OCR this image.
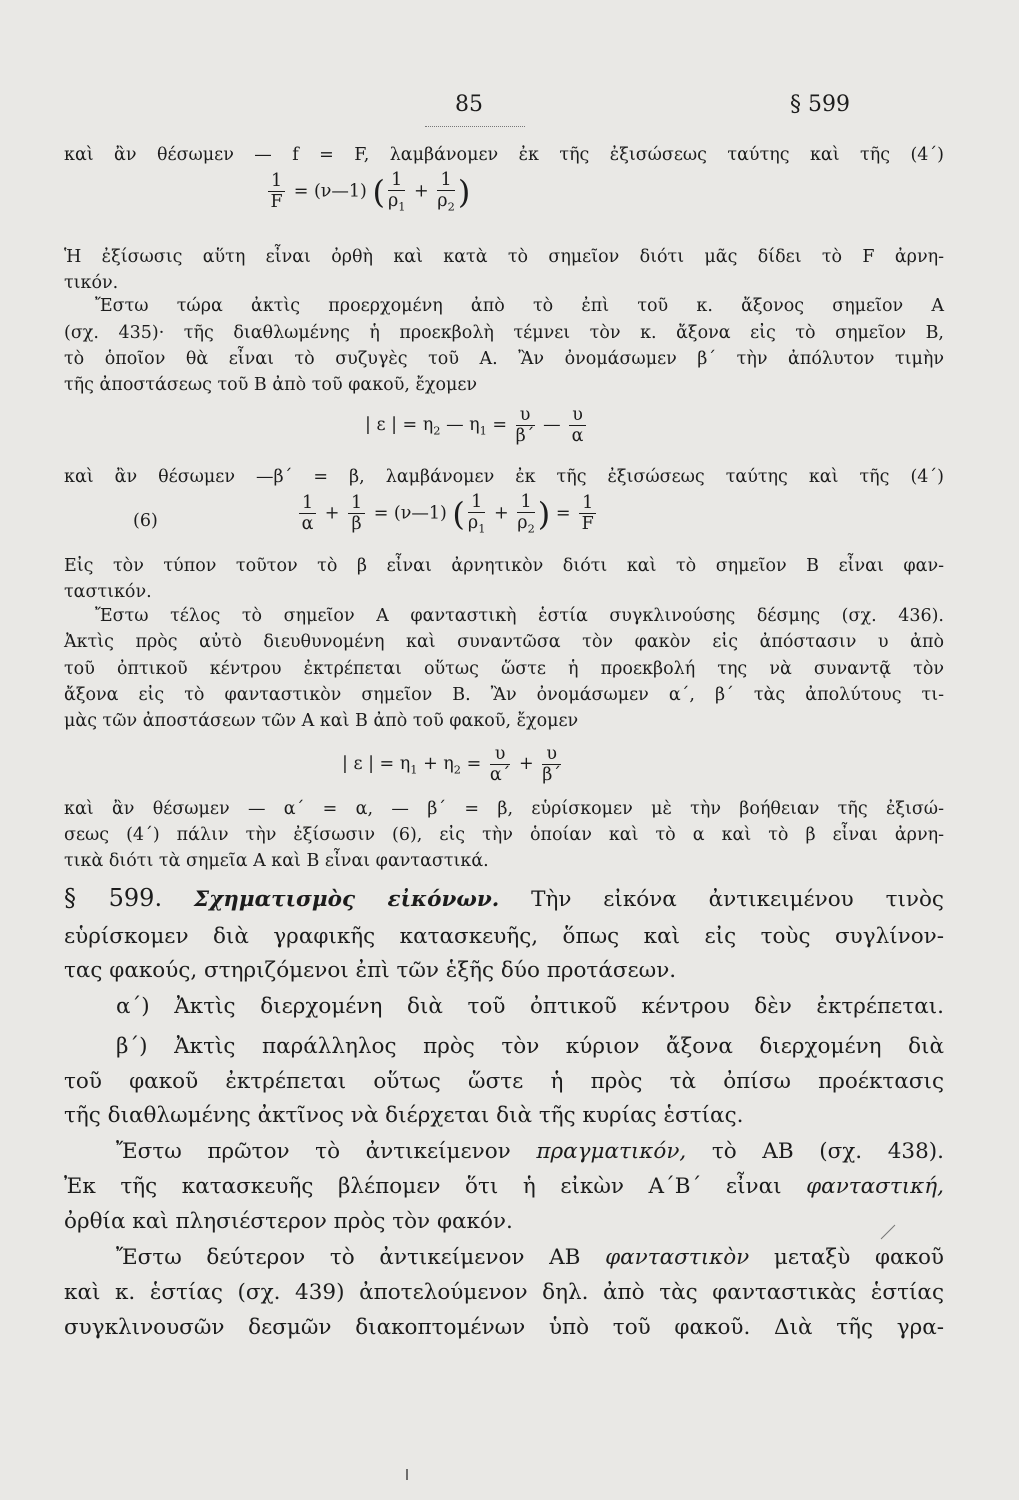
85	§ 599
καὶ ἂν θέσωμεν — f = F, λαμβάνομεν ἐκ τῆς ἐξισώσεως ταύτης καὶ τῆς (4΄)
$\frac{1}{F}$ = (ν—1) ( $\frac{1}{\rho_1} + \frac{1}{\rho_2}$ )
Ἡ ἐξίσωσις αὕτη εἶναι ὀρθὴ καὶ κατὰ τὸ σημεῖον διότι μᾶς δίδει τὸ F ἀρνη-
τικόν.
Ἔστω τώρα ἀκτὶς προερχομένη ἀπὸ τὸ ἐπὶ τοῦ κ. ἄξονος σημεῖον Α
(σχ. 435)· τῆς διαθλωμένης ἡ προεκβολὴ τέμνει τὸν κ. ἄξονα εἰς τὸ σημεῖον Β,
τὸ ὁποῖον θὰ εἶναι τὸ συζυγὲς τοῦ Α. Ἂν ὀνομάσωμεν β΄ τὴν ἀπόλυτον τιμὴν
τῆς ἀποστάσεως τοῦ Β ἀπὸ τοῦ φακοῦ, ἔχομεν
| ε | = $\eta_2$ — $\eta_1 = \frac{\upsilon}{\beta΄}$ — $\frac{\upsilon}{\alpha}$
καὶ ἂν θέσωμεν —β΄ = β, λαμβάνομεν ἐκ τῆς ἐξισώσεως ταύτης καὶ τῆς (4΄)
(6)	$\frac{1}{\alpha} + \frac{1}{\beta}$ = (ν—1) ( $\frac{1}{\rho_1} + \frac{1}{\rho_2}$ ) = $\frac{1}{F}$
Εἰς τὸν τύπον τοῦτον τὸ β εἶναι ἀρνητικὸν διότι καὶ τὸ σημεῖον Β εἶναι φαν-
ταστικόν.
Ἔστω τέλος τὸ σημεῖον Α φανταστικὴ ἑστία συγκλινούσης δέσμης (σχ. 436).
Ἀκτὶς πρὸς αὐτὸ διευθυνομένη καὶ συναντῶσα τὸν φακὸν εἰς ἀπόστασιν υ ἀπὸ
τοῦ ὀπτικοῦ κέντρου ἐκτρέπεται οὕτως ὥστε ἡ προεκβολή της νὰ συναντᾷ τὸν
ἄξονα εἰς τὸ φανταστικὸν σημεῖον Β. Ἂν ὀνομάσωμεν α΄, β΄ τὰς ἀπολύτους τι-
μὰς τῶν ἀποστάσεων τῶν Α καὶ Β ἀπὸ τοῦ φακοῦ, ἔχομεν
| ε | = $\eta_1 + \eta_2 = \frac{\upsilon}{\alpha΄} + \frac{\upsilon}{\beta΄}$
καὶ ἂν θέσωμεν — α΄ = α, — β΄ = β, εὑρίσκομεν μὲ τὴν βοήθειαν τῆς ἐξισώ-
σεως (4΄) πάλιν τὴν ἐξίσωσιν (6), εἰς τὴν ὁποίαν καὶ τὸ α καὶ τὸ β εἶναι ἀρνη-
τικὰ διότι τὰ σημεῖα Α καὶ Β εἶναι φανταστικά.
§ 599. Σχηματισμὸς εἰκόνων. Τὴν εἰκόνα ἀντικειμένου τινὸς
εὑρίσκομεν διὰ γραφικῆς κατασκευῆς, ὅπως καὶ εἰς τοὺς συγλίνον-
τας φακούς, στηριζόμενοι ἐπὶ τῶν ἑξῆς δύο προτάσεων.
α΄) Ἀκτὶς διερχομένη διὰ τοῦ ὀπτικοῦ κέντρου δὲν ἐκτρέπεται.
β΄) Ἀκτὶς παράλληλος πρὸς τὸν κύριον ἄξονα διερχομένη διὰ
τοῦ φακοῦ ἐκτρέπεται οὕτως ὥστε ἡ πρὸς τὰ ὀπίσω προέκτασις
τῆς διαθλωμένης ἀκτῖνος νὰ διέρχεται διὰ τῆς κυρίας ἑστίας.
Ἔστω πρῶτον τὸ ἀντικείμενον πραγματικόν, τὸ ΑΒ (σχ. 438).
Ἐκ τῆς κατασκευῆς βλέπομεν ὅτι ἡ εἰκὼν Α΄Β΄ εἶναι φανταστική,
ὀρθία καὶ πλησιέστερον πρὸς τὸν φακόν.
Ἔστω δεύτερον τὸ ἀντικείμενον ΑΒ φανταστικὸν μεταξὺ φακοῦ
καὶ κ. ἑστίας (σχ. 439) ἀποτελούμενον δηλ. ἀπὸ τὰς φανταστικὰς ἑστίας
συγκλινουσῶν δεσμῶν διακοπτομένων ὑπὸ τοῦ φακοῦ. Διὰ τῆς γρα-
